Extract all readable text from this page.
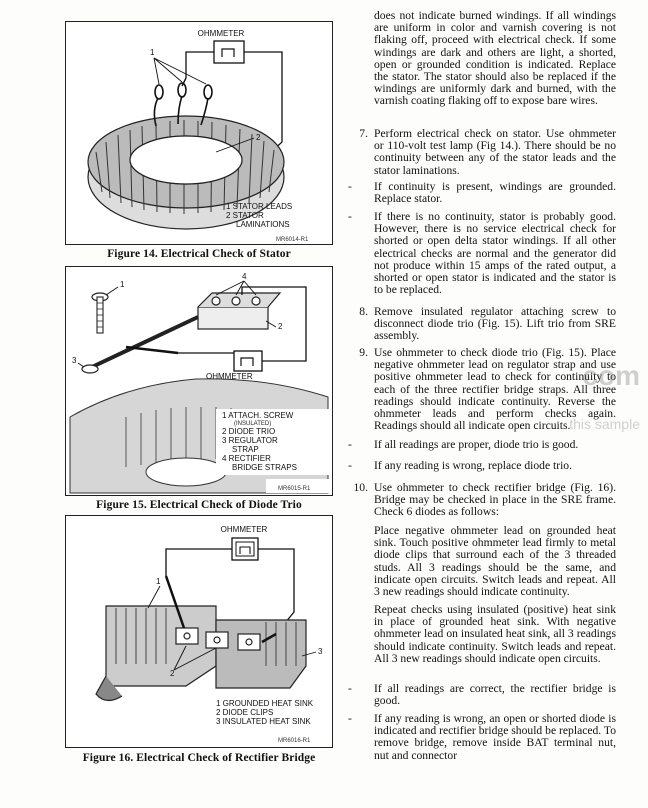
OHMMETER
1
2
1 STATOR LEADS
2 STATOR
LAMINATIONS
MR6014-R1
Figure 14. Electrical Check of Stator
OHMMETER
1
2
3
4
1 ATTACH. SCREW
(INSULATED)
2 DIODE TRIO
3 REGULATOR
STRAP
4 RECTIFIER
BRIDGE STRAPS
MR6015-R1
Figure 15. Electrical Check of Diode Trio
OHMMETER
1
2
3
1 GROUNDED HEAT SINK
2 DIODE CLIPS
3 INSULATED HEAT SINK
MR6016-R1
Figure 16. Electrical Check of Rectifier Bridge

does not indicate burned windings. If all windings are uniform in color and varnish covering is not flaking off, proceed with electrical check. If some windings are dark and others are light, a shorted, open or grounded condition is indicated. Replace the stator. The stator should also be replaced if the windings are uniformly dark and burned, with the varnish coating flaking off to expose bare wires.

7. Perform electrical check on stator. Use ohmmeter or 110-volt test lamp (Fig 14.). There should be no continuity between any of the stator leads and the stator laminations.

-	If continuity is present, windings are grounded. Replace stator.

-	If there is no continuity, stator is probably good. However, there is no service electrical check for shorted or open delta stator windings. If all other electrical checks are normal and the generator did not produce within 15 amps of the rated output, a shorted or open stator is indicated and the stator is to be replaced.

8. Remove insulated regulator attaching screw to disconnect diode trio (Fig. 15). Lift trio from SRE assembly.

9. Use ohmmeter to check diode trio (Fig. 15). Place negative ohmmeter lead on regulator strap and use positive ohmmeter lead to check for continuity to each of the three rectifier bridge straps. All three readings should indicate continuity. Reverse the ohmmeter leads and perform checks again. Readings should all indicate open circuits.

-	If all readings are proper, diode trio is good.

-	If any reading is wrong, replace diode trio.

10. Use ohmmeter to check rectifier bridge (Fig. 16). Bridge may be checked in place in the SRE frame. Check 6 diodes as follows:

Place negative ohmmeter lead on grounded heat sink. Touch positive ohmmeter lead firmly to metal diode clips that surround each of the 3 threaded studs. All 3 readings should be the same, and indicate open circuits. Switch leads and repeat. All 3 new readings should indicate continuity.

Repeat checks using insulated (positive) heat sink in place of grounded heat sink. With negative ohmmeter lead on insulated heat sink, all 3 readings should indicate continuity. Switch leads and repeat. All 3 new readings should indicate open circuits.

-	If all readings are correct, the rectifier bridge is good.

-	If any reading is wrong, an open or shorted diode is indicated and rectifier bridge should be replaced. To remove bridge, remove inside BAT terminal nut, nut and connector

com
this sample
